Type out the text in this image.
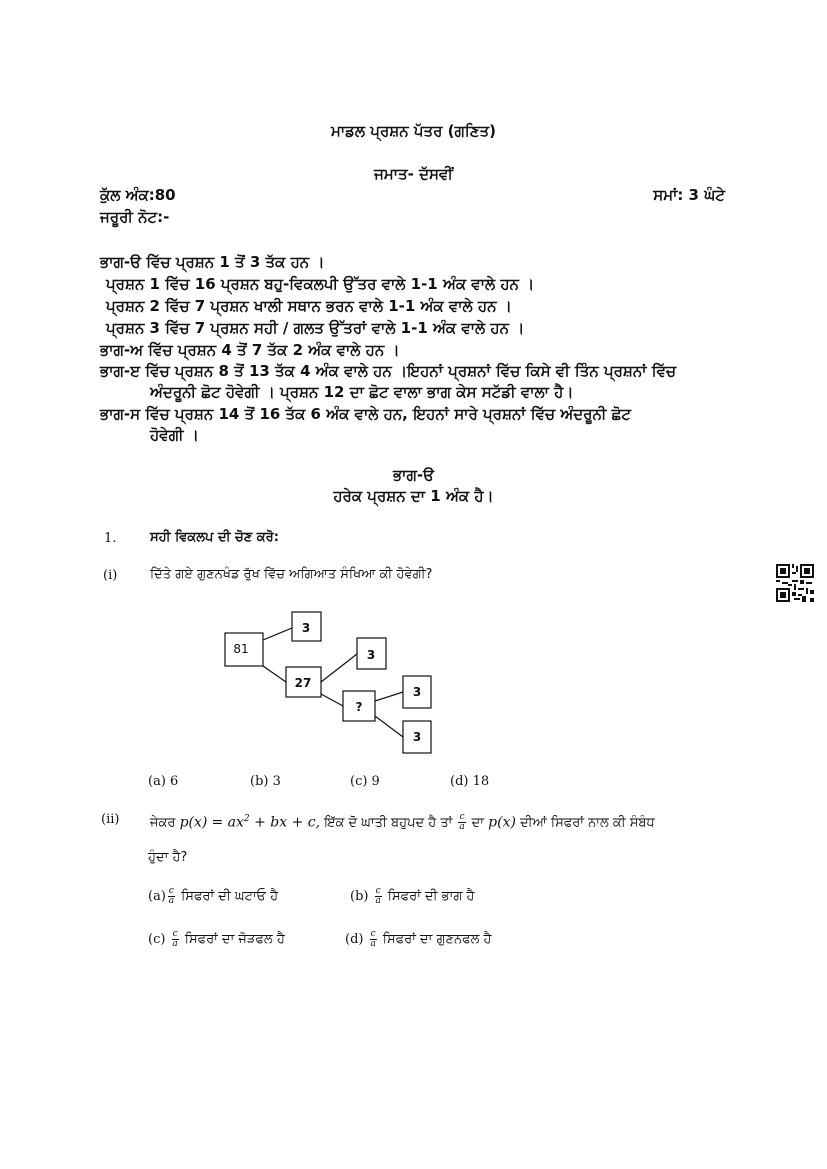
ਮਾਡਲ ਪ੍ਰਸ਼ਨ ਪੱਤਰ (ਗਣਿਤ)
ਜਮਾਤ- ਦੱਸਵੀਂ
ਕੁੱਲ ਅੰਕ:80	ਸਮਾਂ: 3 ਘੰਟੇ
ਜਰੂਰੀ ਨੋਟ:-
ਭਾਗ-ੳ ਵਿੱਚ ਪ੍ਰਸ਼ਨ 1 ਤੋਂ 3 ਤੱਕ ਹਨ ।
ਪ੍ਰਸ਼ਨ 1 ਵਿੱਚ 16 ਪ੍ਰਸ਼ਨ ਬਹੁ-ਵਿਕਲਪੀ ਉੱਤਰ ਵਾਲੇ 1-1 ਅੰਕ ਵਾਲੇ ਹਨ ।
ਪ੍ਰਸ਼ਨ 2 ਵਿੱਚ 7 ਪ੍ਰਸ਼ਨ ਖਾਲੀ ਸਥਾਨ ਭਰਨ ਵਾਲੇ 1-1 ਅੰਕ ਵਾਲੇ ਹਨ ।
ਪ੍ਰਸ਼ਨ 3 ਵਿੱਚ 7 ਪ੍ਰਸ਼ਨ ਸਹੀ / ਗਲਤ ਉੱਤਰਾਂ ਵਾਲੇ 1-1 ਅੰਕ ਵਾਲੇ ਹਨ ।
ਭਾਗ-ਅ ਵਿੱਚ ਪ੍ਰਸ਼ਨ 4 ਤੋਂ 7 ਤੱਕ 2 ਅੰਕ ਵਾਲੇ ਹਨ ।
ਭਾਗ-ੲ ਵਿੱਚ ਪ੍ਰਸ਼ਨ 8 ਤੋਂ 13 ਤੱਕ 4 ਅੰਕ ਵਾਲੇ ਹਨ ।ਇਹਨਾਂ ਪ੍ਰਸ਼ਨਾਂ ਵਿੱਚ ਕਿਸੇ ਵੀ ਤਿੰਨ ਪ੍ਰਸ਼ਨਾਂ ਵਿੱਚ
ਅੰਦਰੂਨੀ ਛੋਟ ਹੋਵੇਗੀ । ਪ੍ਰਸ਼ਨ 12 ਦਾ ਛੋਟ ਵਾਲਾ ਭਾਗ ਕੇਸ ਸਟੱਡੀ ਵਾਲਾ ਹੈ।
ਭਾਗ-ਸ ਵਿੱਚ ਪ੍ਰਸ਼ਨ 14 ਤੋਂ 16 ਤੱਕ 6 ਅੰਕ ਵਾਲੇ ਹਨ, ਇਹਨਾਂ ਸਾਰੇ ਪ੍ਰਸ਼ਨਾਂ ਵਿੱਚ ਅੰਦਰੂਨੀ ਛੋਟ
ਹੋਵੇਗੀ ।
ਭਾਗ-ੳ
ਹਰੇਕ ਪ੍ਰਸ਼ਨ ਦਾ 1 ਅੰਕ ਹੈ।
1.	ਸਹੀ ਵਿਕਲਪ ਦੀ ਚੋਣ ਕਰੋ:
(i)	ਦਿੱਤੇ ਗਏ ਗੁਣਨਖੰਡ ਰੁੱਖ ਵਿੱਚ ਅਗਿਆਤ ਸੰਖਿਆ ਕੀ ਹੋਵੇਗੀ?
81
3
3
27
?
3
3
(a) 6	(b) 3	(c) 9	(d) 18
(ii) ਜੇਕਰ $p(x) = ax^2$ + bx + c, ਇੱਕ ਦੋ ਘਾਤੀ ਬਹੁਪਦ ਹੈ ਤਾਂ $\frac{c}{a}$ ਦਾ p(x) ਦੀਆਂ ਸਿਫਰਾਂ ਨਾਲ ਕੀ ਸੰਬੰਧ
ਹੁੰਦਾ ਹੈ?
$(a) \frac{c}{a}$ ਸਿਫਰਾਂ ਦੀ ਘਟਾਓ ਹੈ	$(b) \frac{c}{a}$ ਸਿਫਰਾਂ ਦੀ ਭਾਗ ਹੈ
$(c) \frac{c}{a}$ ਸਿਫਰਾਂ ਦਾ ਜੋੜਫਲ ਹੈ	$(d) \frac{c}{a}$ ਸਿਫਰਾਂ ਦਾ ਗੁਣਨਫਲ ਹੈ
